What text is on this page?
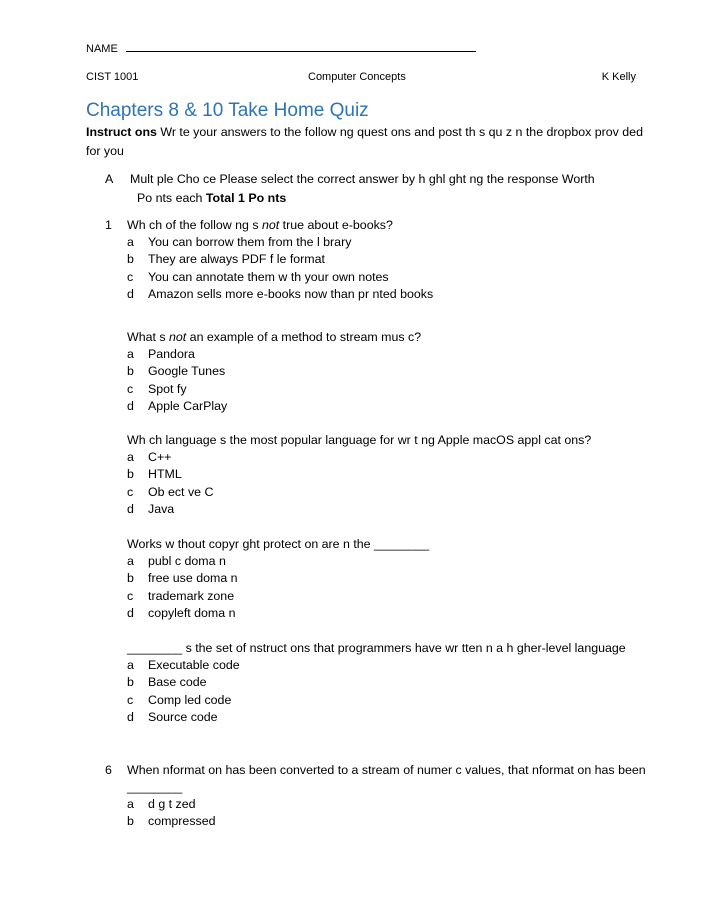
NAME
CIST 1001	Computer Concepts	K Kelly
Chapters 8 & 10 Take Home Quiz
Instruct ons Wr te your answers to the follow ng quest ons and post th s qu z n the dropbox prov ded for you
A Mult ple Cho ce Please select the correct answer by h ghl ght ng the response Worth
Po nts each Total 1 Po nts
1 Wh ch of the follow ng s not true about e-books?
a You can borrow them from the l brary
b They are always PDF f le format
c You can annotate them w th your own notes
d Amazon sells more e-books now than pr nted books
What s not an example of a method to stream mus c?
a Pandora
b Google Tunes
c Spot fy
d Apple CarPlay
Wh ch language s the most popular language for wr t ng Apple macOS appl cat ons?
a C++
b HTML
c Ob ect ve C
d Java
Works w thout copyr ght protect on are n the ________
a publ c doma n
b free use doma n
c trademark zone
d copyleft doma n
________ s the set of nstruct ons that programmers have wr tten n a h gher-level language
a Executable code
b Base code
c Comp led code
d Source code
6 When nformat on has been converted to a stream of numer c values, that nformat on has been ________
a d g t zed
b compressed
